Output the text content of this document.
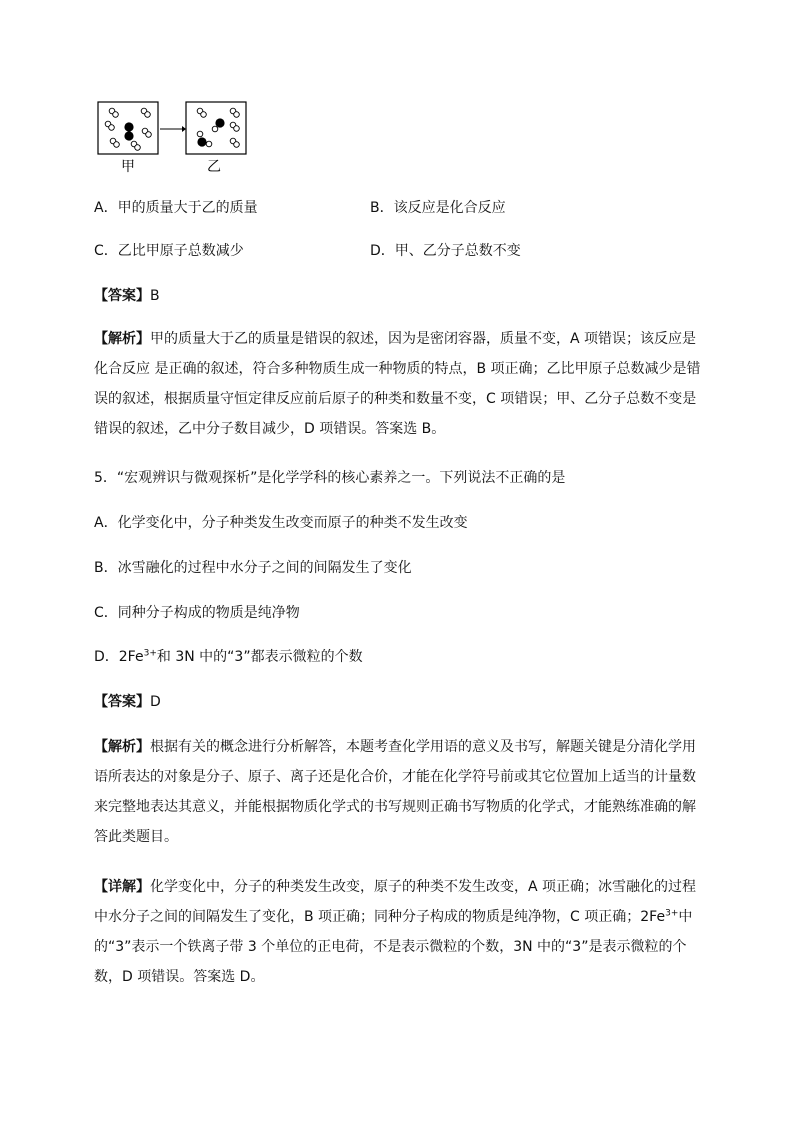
甲	乙
A．甲的质量大于乙的质量	B．该反应是化合反应
C．乙比甲原子总数减少	D．甲、乙分子总数不变
【答案】B
【解析】甲的质量大于乙的质量是错误的叙述，因为是密闭容器，质量不变，A 项错误；该反应是化合反应 是正确的叙述，符合多种物质生成一种物质的特点，B 项正确；乙比甲原子总数减少是错误的叙述，根据质量守恒定律反应前后原子的种类和数量不变，C 项错误；甲、乙分子总数不变是错误的叙述，乙中分子数目减少，D 项错误。答案选 B。
5．“宏观辨识与微观探析”是化学学科的核心素养之一。下列说法不正确的是
A．化学变化中，分子种类发生改变而原子的种类不发生改变
B．冰雪融化的过程中水分子之间的间隔发生了变化
C．同种分子构成的物质是纯净物
D．$2Fe^{3+}$和 3N 中的“3”都表示微粒的个数
【答案】D
【解析】根据有关的概念进行分析解答，本题考查化学用语的意义及书写，解题关键是分清化学用语所表达的对象是分子、原子、离子还是化合价，才能在化学符号前或其它位置加上适当的计量数来完整地表达其意义，并能根据物质化学式的书写规则正确书写物质的化学式，才能熟练准确的解答此类题目。
【详解】化学变化中，分子的种类发生改变，原子的种类不发生改变，A 项正确；冰雪融化的过程中水分子之间的间隔发生了变化，B 项正确；同种分子构成的物质是纯净物，C 项正确；$2Fe^{3+}$中的“3”表示一个铁离子带 3 个单位的正电荷，不是表示微粒的个数，3N 中的“3”是表示微粒的个数，D 项错误。答案选 D。
